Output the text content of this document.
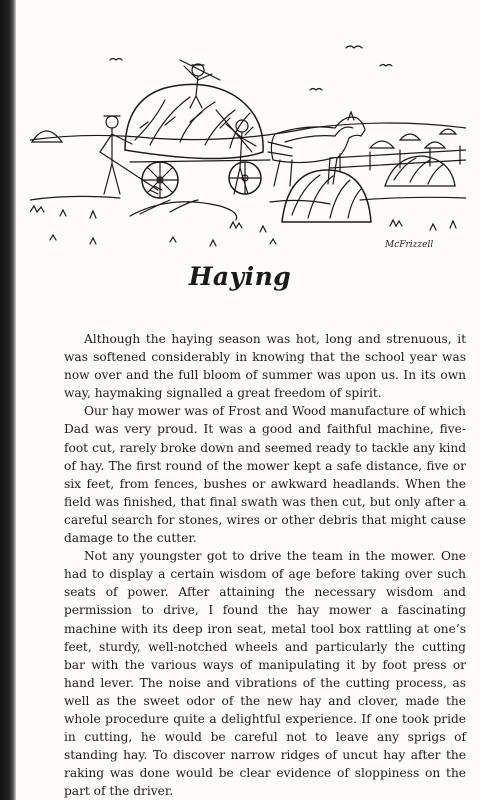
McFrizzell
Haying

Although the haying season was hot, long and strenuous, it was softened considerably in knowing that the school year was now over and the full bloom of summer was upon us. In its own way, haymaking signalled a great freedom of spirit.

Our hay mower was of Frost and Wood manufacture of which Dad was very proud. It was a good and faithful machine, five-foot cut, rarely broke down and seemed ready to tackle any kind of hay. The first round of the mower kept a safe distance, five or six feet, from fences, bushes or awkward headlands. When the field was finished, that final swath was then cut, but only after a careful search for stones, wires or other debris that might cause damage to the cutter.

Not any youngster got to drive the team in the mower. One had to display a certain wisdom of age before taking over such seats of power. After attaining the necessary wisdom and permission to drive, I found the hay mower a fascinating machine with its deep iron seat, metal tool box rattling at one’s feet, sturdy, well-notched wheels and particularly the cutting bar with the various ways of manipulating it by foot press or hand lever. The noise and vibrations of the cutting process, as well as the sweet odor of the new hay and clover, made the whole procedure quite a delightful experience. If one took pride in cutting, he would be careful not to leave any sprigs of standing hay. To discover narrow ridges of uncut hay after the raking was done would be clear evidence of sloppiness on the part of the driver.
